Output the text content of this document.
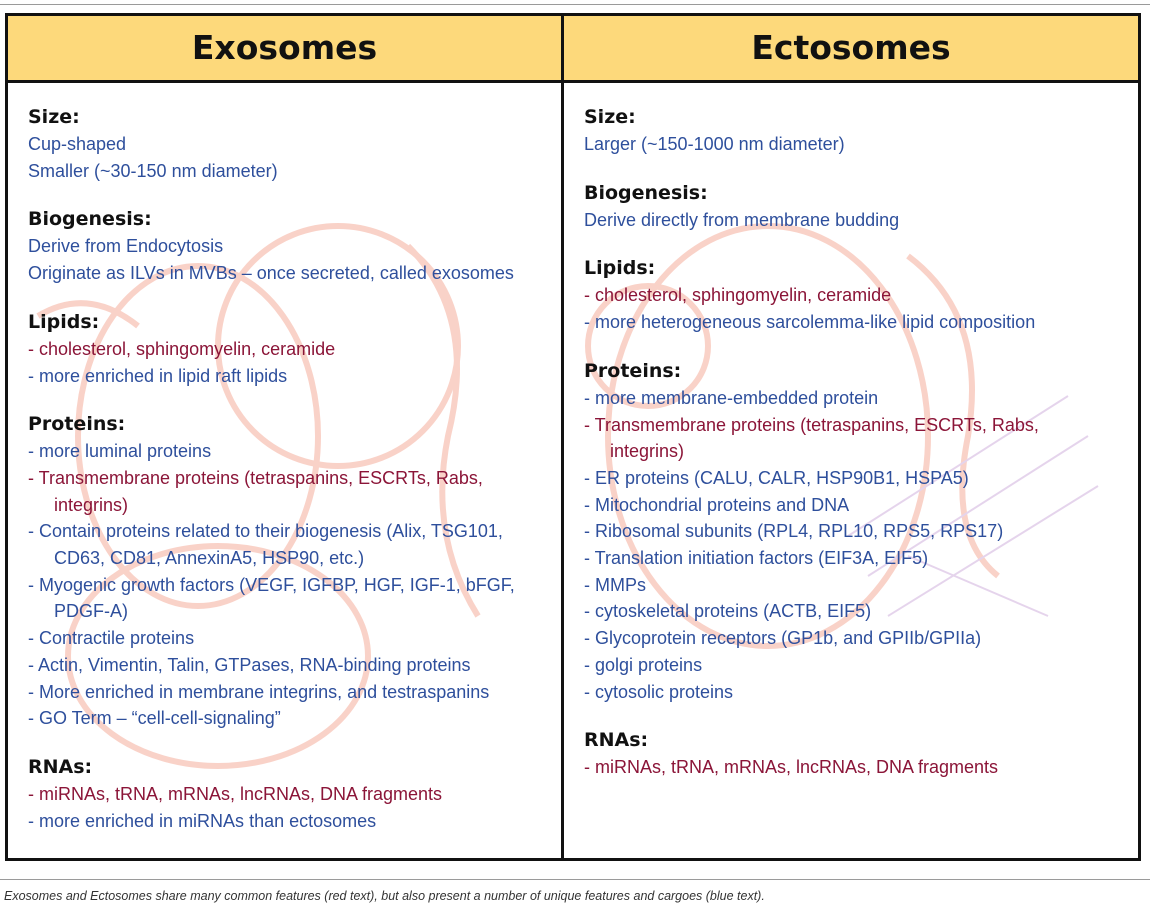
Exosomes	Ectosomes
Size:
Cup-shaped
Smaller (~30-150 nm diameter)
Biogenesis:
Derive from Endocytosis
Originate as ILVs in MVBs – once secreted, called exosomes
Lipids:
- cholesterol, sphingomyelin, ceramide
- more enriched in lipid raft lipids
Proteins:
- more luminal proteins
- Transmembrane proteins (tetraspanins, ESCRTs, Rabs,
integrins)
- Contain proteins related to their biogenesis (Alix, TSG101,
CD63, CD81, AnnexinA5, HSP90, etc.)
- Myogenic growth factors (VEGF, IGFBP, HGF, IGF-1, bFGF,
PDGF-A)
- Contractile proteins
- Actin, Vimentin, Talin, GTPases, RNA-binding proteins
- More enriched in membrane integrins, and testraspanins
- GO Term – “cell-cell-signaling”
RNAs:
- miRNAs, tRNA, mRNAs, lncRNAs, DNA fragments
- more enriched in miRNAs than ectosomes
Size:
Larger (~150-1000 nm diameter)
Biogenesis:
Derive directly from membrane budding
Lipids:
- cholesterol, sphingomyelin, ceramide
- more heterogeneous sarcolemma-like lipid composition
Proteins:
- more membrane-embedded protein
- Transmembrane proteins (tetraspanins, ESCRTs, Rabs,
integrins)
- ER proteins (CALU, CALR, HSP90B1, HSPA5)
- Mitochondrial proteins and DNA
- Ribosomal subunits (RPL4, RPL10, RPS5, RPS17)
- Translation initiation factors (EIF3A, EIF5)
- MMPs
- cytoskeletal proteins (ACTB, EIF5)
- Glycoprotein receptors (GP1b, and GPIIb/GPIIa)
- golgi proteins
- cytosolic proteins
RNAs:
- miRNAs, tRNA, mRNAs, lncRNAs, DNA fragments
Exosomes and Ectosomes share many common features (red text), but also present a number of unique features and cargoes (blue text).
